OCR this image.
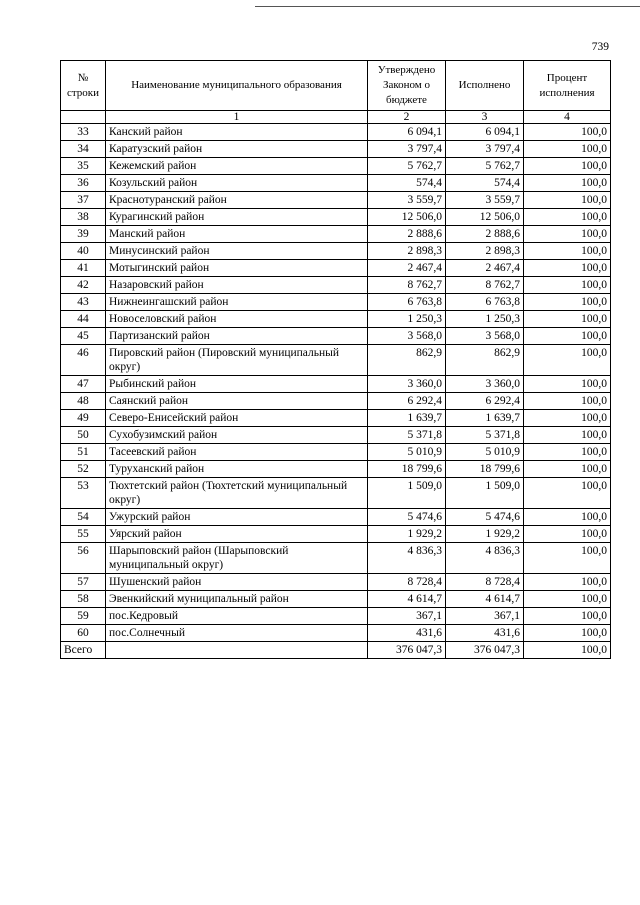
739
№ строки	Наименование муниципального образования	Утверждено Законом о бюджете	Исполнено	Процент исполнения
	1	2	3	4
33	Канский район	6 094,1	6 094,1	100,0
34	Каратузский район	3 797,4	3 797,4	100,0
35	Кежемский район	5 762,7	5 762,7	100,0
36	Козульский район	574,4	574,4	100,0
37	Краснотуранский район	3 559,7	3 559,7	100,0
38	Курагинский район	12 506,0	12 506,0	100,0
39	Манский район	2 888,6	2 888,6	100,0
40	Минусинский район	2 898,3	2 898,3	100,0
41	Мотыгинский район	2 467,4	2 467,4	100,0
42	Назаровский район	8 762,7	8 762,7	100,0
43	Нижнеингашский район	6 763,8	6 763,8	100,0
44	Новоселовский район	1 250,3	1 250,3	100,0
45	Партизанский район	3 568,0	3 568,0	100,0
46	Пировский район (Пировский муниципальный округ)	862,9	862,9	100,0
47	Рыбинский район	3 360,0	3 360,0	100,0
48	Саянский район	6 292,4	6 292,4	100,0
49	Северо-Енисейский район	1 639,7	1 639,7	100,0
50	Сухобузимский район	5 371,8	5 371,8	100,0
51	Тасеевский район	5 010,9	5 010,9	100,0
52	Туруханский район	18 799,6	18 799,6	100,0
53	Тюхтетский район (Тюхтетский муниципальный округ)	1 509,0	1 509,0	100,0
54	Ужурский район	5 474,6	5 474,6	100,0
55	Уярский район	1 929,2	1 929,2	100,0
56	Шарыповский район (Шарыповский муниципальный округ)	4 836,3	4 836,3	100,0
57	Шушенский район	8 728,4	8 728,4	100,0
58	Эвенкийский муниципальный район	4 614,7	4 614,7	100,0
59	пос.Кедровый	367,1	367,1	100,0
60	пос.Солнечный	431,6	431,6	100,0
Всего		376 047,3	376 047,3	100,0
